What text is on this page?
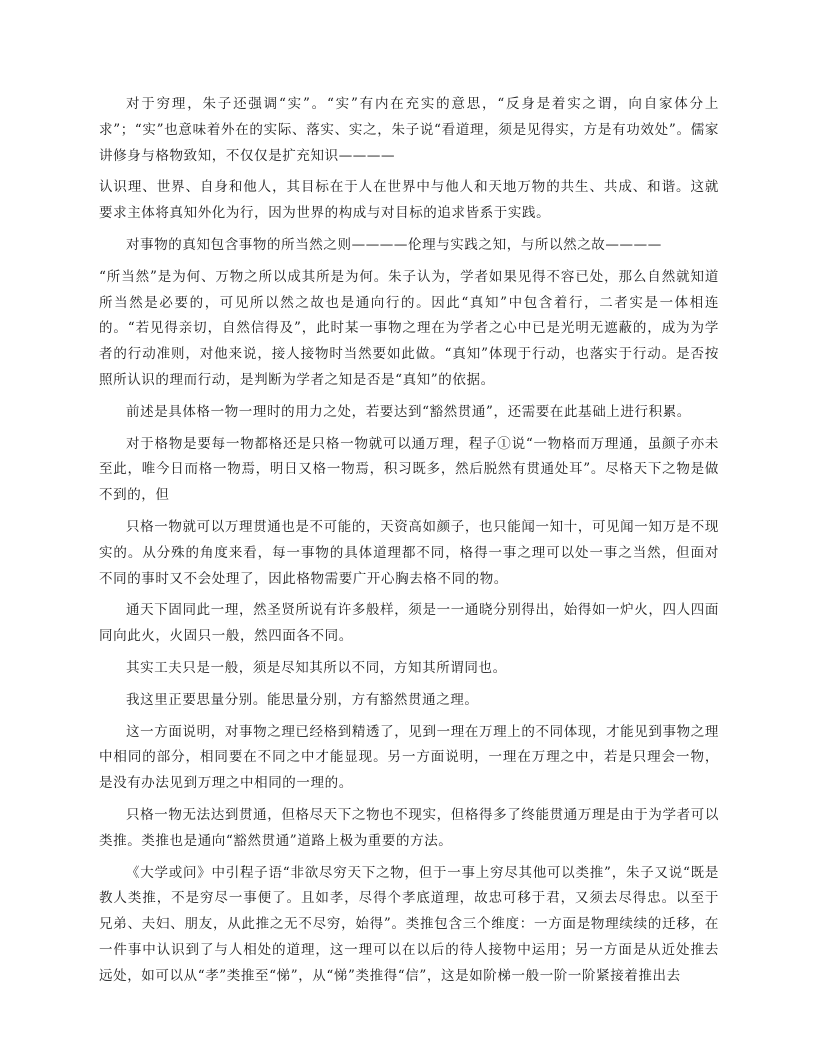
对于穷理，朱子还强调“实”。“实”有内在充实的意思，“反身是着实之谓，向自家体分上求”；“实”也意味着外在的实际、落实、实之，朱子说“看道理，须是见得实，方是有功效处”。儒家讲修身与格物致知，不仅仅是扩充知识————

认识理、世界、自身和他人，其目标在于人在世界中与他人和天地万物的共生、共成、和谐。这就要求主体将真知外化为行，因为世界的构成与对目标的追求皆系于实践。

对事物的真知包含事物的所当然之则————伦理与实践之知，与所以然之故————

“所当然”是为何、万物之所以成其所是为何。朱子认为，学者如果见得不容已处，那么自然就知道所当然是必要的，可见所以然之故也是通向行的。因此“真知”中包含着行，二者实是一体相连的。“若见得亲切，自然信得及”，此时某一事物之理在为学者之心中已是光明无遮蔽的，成为为学者的行动准则，对他来说，接人接物时当然要如此做。“真知”体现于行动，也落实于行动。是否按照所认识的理而行动，是判断为学者之知是否是“真知”的依据。

前述是具体格一物一理时的用力之处，若要达到“豁然贯通”，还需要在此基础上进行积累。

对于格物是要每一物都格还是只格一物就可以通万理，程子①说“一物格而万理通，虽颜子亦未至此，唯今日而格一物焉，明日又格一物焉，积习既多，然后脱然有贯通处耳”。尽格天下之物是做不到的，但

只格一物就可以万理贯通也是不可能的，天资高如颜子，也只能闻一知十，可见闻一知万是不现实的。从分殊的角度来看，每一事物的具体道理都不同，格得一事之理可以处一事之当然，但面对不同的事时又不会处理了，因此格物需要广开心胸去格不同的物。

通天下固同此一理，然圣贤所说有许多般样，须是一一通晓分别得出，始得如一炉火，四人四面同向此火，火固只一般，然四面各不同。

其实工夫只是一般，须是尽知其所以不同，方知其所谓同也。

我这里正要思量分别。能思量分别，方有豁然贯通之理。

这一方面说明，对事物之理已经格到精透了，见到一理在万理上的不同体现，才能见到事物之理中相同的部分，相同要在不同之中才能显现。另一方面说明，一理在万理之中，若是只理会一物，是没有办法见到万理之中相同的一理的。

只格一物无法达到贯通，但格尽天下之物也不现实，但格得多了终能贯通万理是由于为学者可以类推。类推也是通向“豁然贯通”道路上极为重要的方法。

《大学或问》中引程子语“非欲尽穷天下之物，但于一事上穷尽其他可以类推”，朱子又说“既是教人类推，不是穷尽一事便了。且如孝，尽得个孝底道理，故忠可移于君，又须去尽得忠。以至于兄弟、夫妇、朋友，从此推之无不尽穷，始得”。类推包含三个维度：一方面是物理续续的迁移，在一件事中认识到了与人相处的道理，这一理可以在以后的待人接物中运用；另一方面是从近处推去远处，如可以从“孝”类推至“悌”，从“悌”类推得“信”，这是如阶梯一般一阶一阶紧接着推出去
